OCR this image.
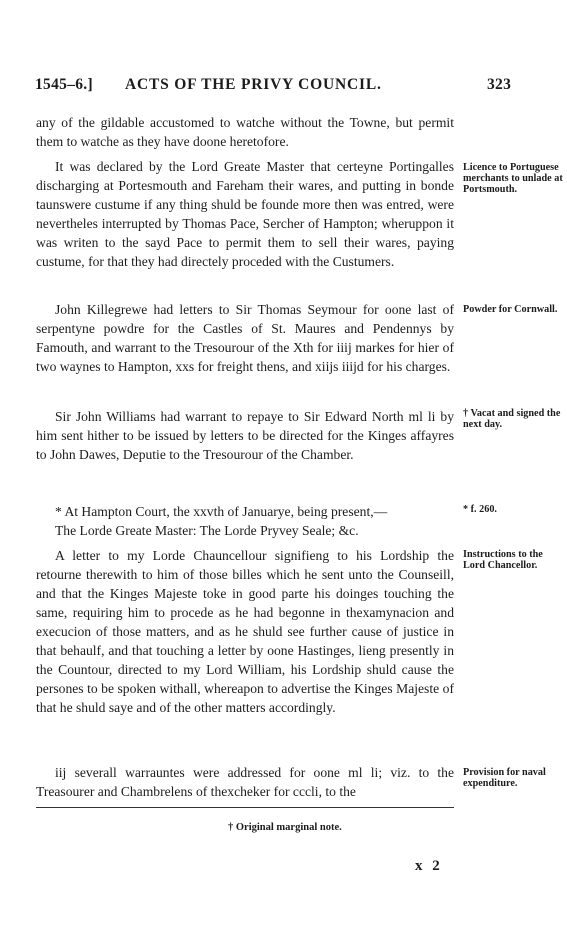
1545–6.] ACTS OF THE PRIVY COUNCIL.	323

any of the gildable accustomed to watche without the Towne, but permit them to watche as they have doone heretofore.

It was declared by the Lord Greate Master that certeyne Portingalles discharging at Portesmouth and Fareham their wares, and putting in bonde taunswere custume if any thing shuld be founde more then was entred, were nevertheles interrupted by Thomas Pace, Sercher of Hampton; wheruppon it was writen to the sayd Pace to permit them to sell their wares, paying custume, for that they had directely proceded with the Custumers.

Licence to Portuguese merchants to unlade at Portsmouth.

John Killegrewe had letters to Sir Thomas Seymour for oone last of serpentyne powdre for the Castles of St. Maures and Pendennys by Famouth, and warrant to the Tresourour of the Xth for iiij markes for hier of two waynes to Hampton, xxs for freight thens, and xiijs iiijd for his charges.

Powder for Cornwall.

Sir John Williams had warrant to repaye to Sir Edward North ml li by him sent hither to be issued by letters to be directed for the Kinges affayres to John Dawes, Deputie to the Tresourour of the Chamber.

† Vacat and signed the next day.

* At Hampton Court, the xxvth of Januarye, being present,—

The Lorde Greate Master: The Lorde Pryvey Seale; &c.

* f. 260.

A letter to my Lorde Chauncellour signifieng to his Lordship the retourne therewith to him of those billes which he sent unto the Counseill, and that the Kinges Majeste toke in good parte his doinges touching the same, requiring him to procede as he had begonne in thexamynacion and execucion of those matters, and as he shuld see further cause of justice in that behaulf, and that touching a letter by oone Hastinges, lieng presently in the Countour, directed to my Lord William, his Lordship shuld cause the persones to be spoken withall, whereapon to advertise the Kinges Majeste of that he shuld saye and of the other matters accordingly.

Instructions to the Lord Chancellor.

iij severall warrauntes were addressed for oone ml li; viz. to the Treasourer and Chambrelens of thexcheker for cccli, to the

Provision for naval expenditure.
† Original marginal note.
x 2
